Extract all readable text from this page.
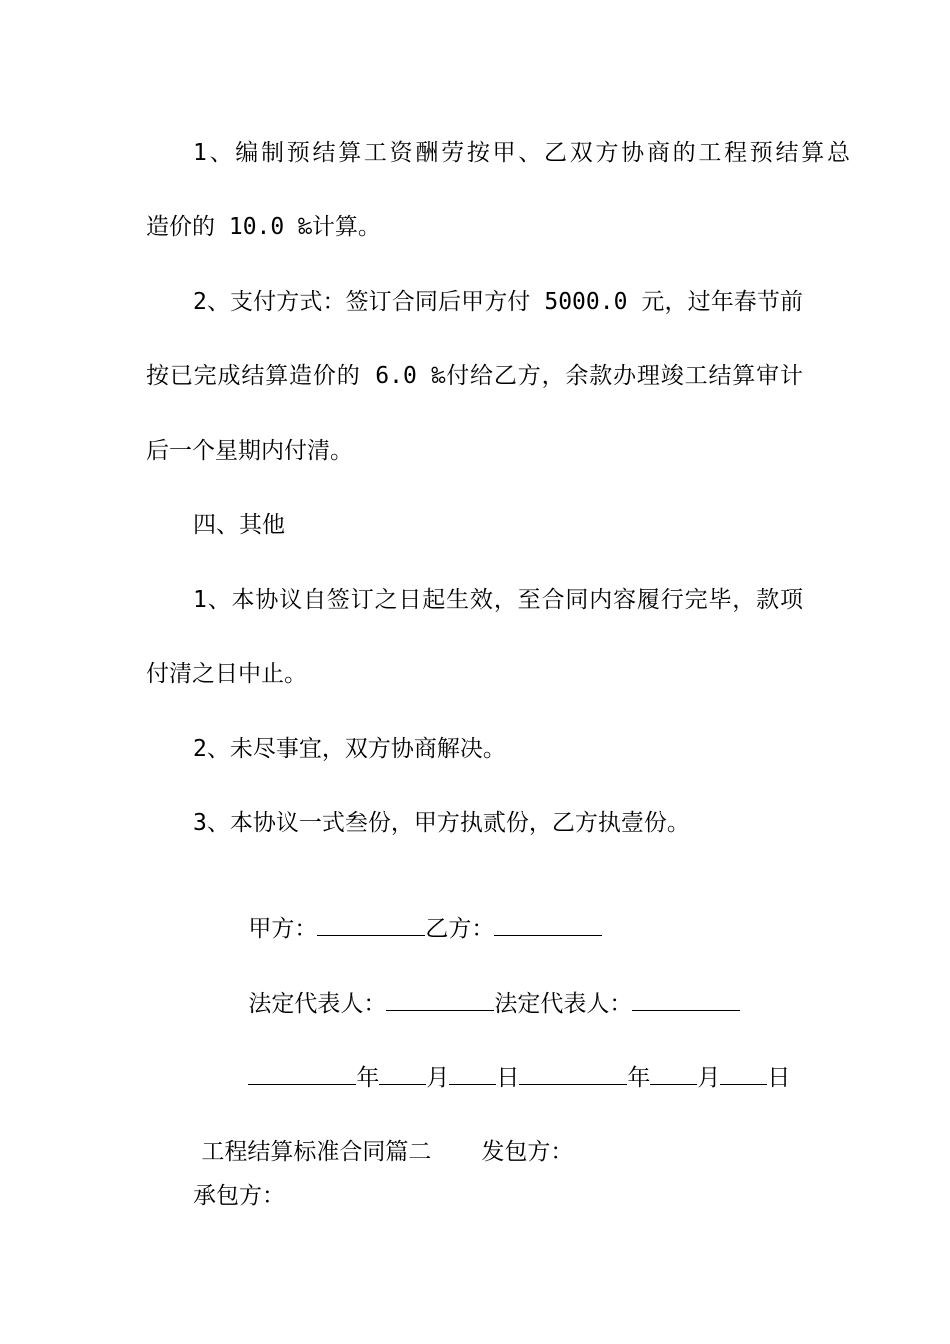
1、编制预结算工资酬劳按甲、乙双方协商的工程预结算总
造价的 10.0 ‰计算。
2、支付方式：签订合同后甲方付 5000.0 元，过年春节前
按已完成结算造价的 6.0 ‰付给乙方，余款办理竣工结算审计
后一个星期内付清。
四、其他
1、本协议自签订之日起生效，至合同内容履行完毕，款项
付清之日中止。
2、未尽事宜，双方协商解决。
3、本协议一式叁份，甲方执贰份，乙方执壹份。

甲方：	乙方：

法定代表人：	法定代表人：

年 月 日	年 月 日

工程结算标准合同篇二 发包方：

承包方：
